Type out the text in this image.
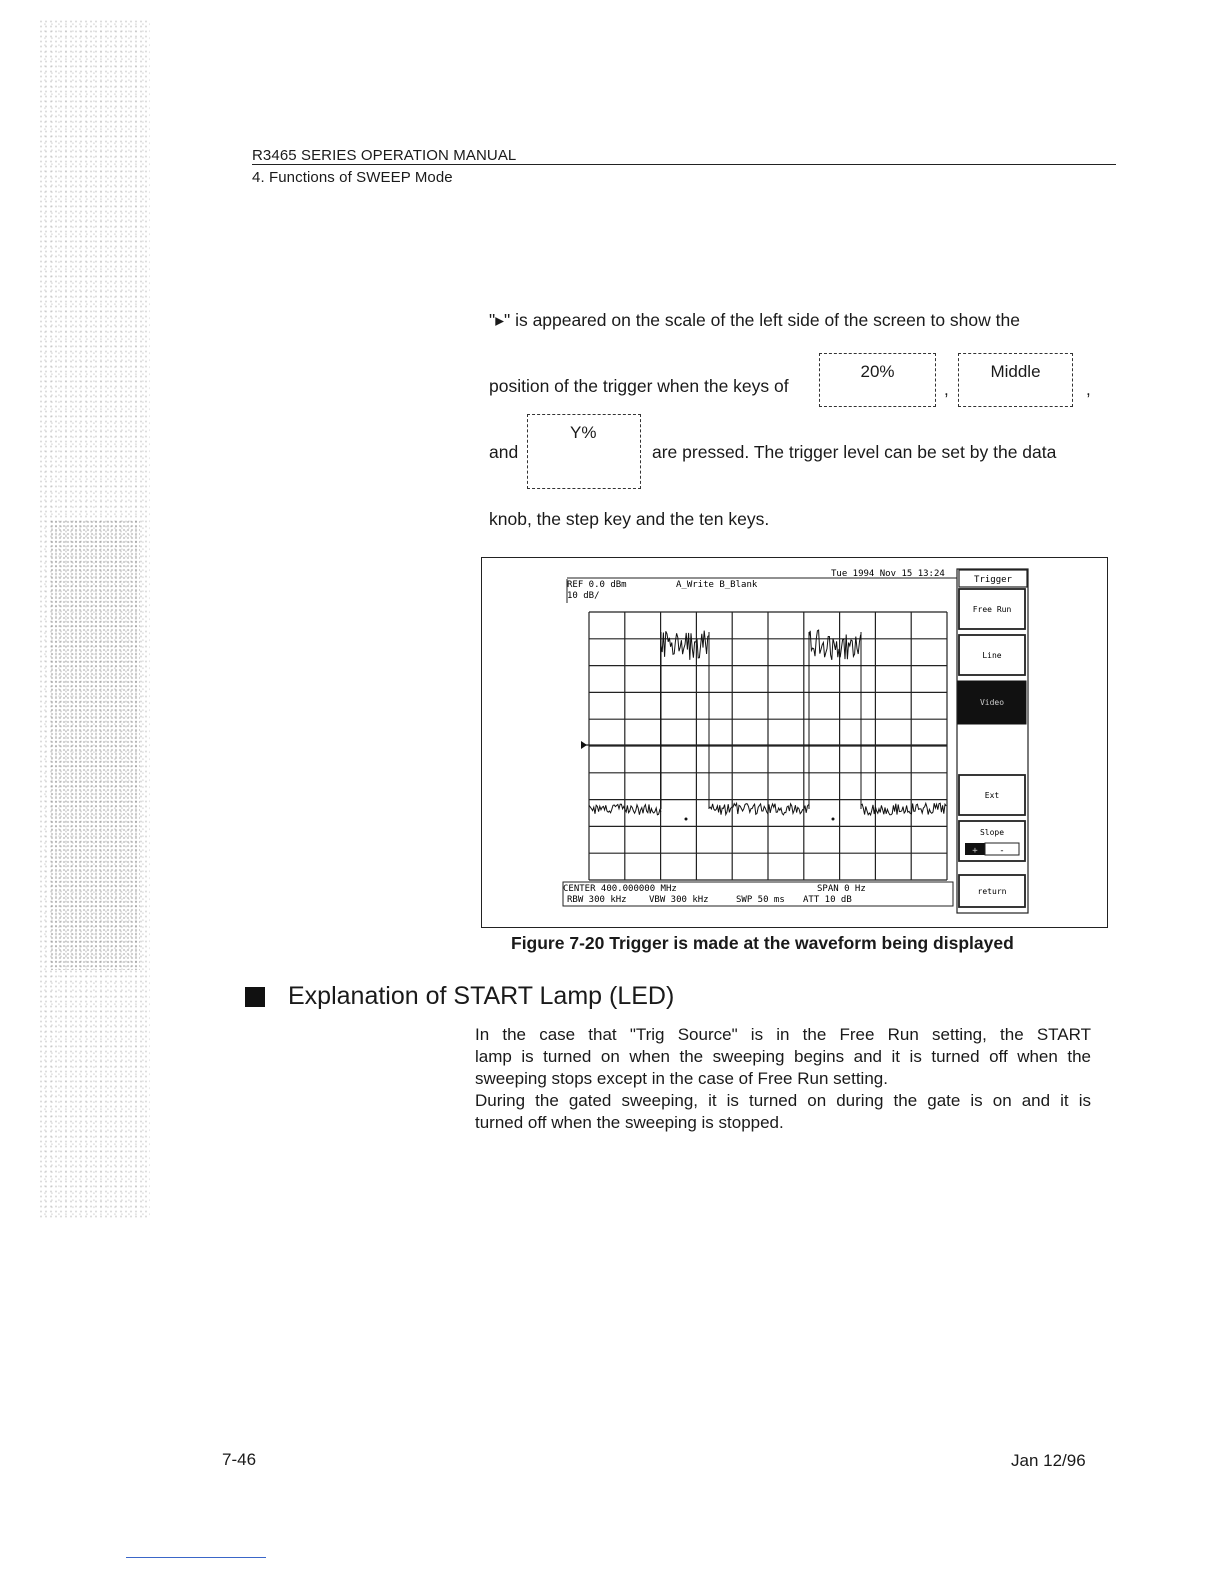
R3465 SERIES OPERATION MANUAL
4. Functions of SWEEP Mode
"▸" is appeared on the scale of the left side of the screen to show the
position of the trigger when the keys of
20%
,
Middle
,
and
Y%
are pressed. The trigger level can be set by the data
knob, the step key and the ten keys.
REF 0.0 dBm
10 dB/
A_Write B_Blank
Tue 1994 Nov 15 13:24
CENTER 400.000000 MHz	SPAN 0 Hz
RBW 300 kHz VBW 300 kHz	SWP 50 ms ATT 10 dB
Trigger
Free Run
Line
Video
Ext
Slope
+ -
return
Figure 7-20 Trigger is made at the waveform being displayed
Explanation of START Lamp (LED)
In the case that "Trig Source" is in the Free Run setting, the START
lamp is turned on when the sweeping begins and it is turned off when the
sweeping stops except in the case of Free Run setting.
During the gated sweeping, it is turned on during the gate is on and it is
turned off when the sweeping is stopped.
7-46	Jan 12/96
